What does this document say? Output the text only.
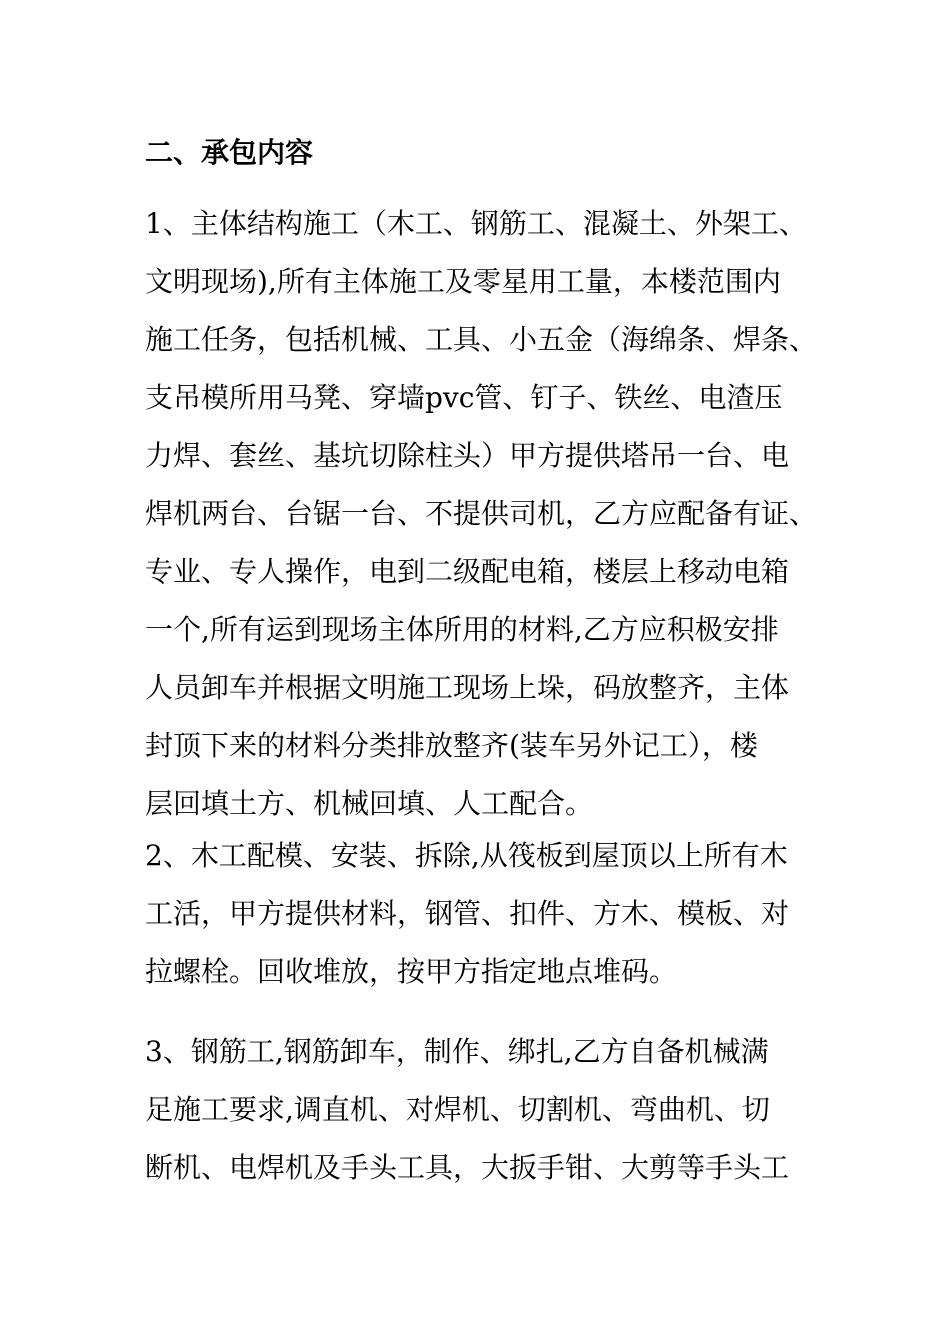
二、承包内容
1、主体结构施工（木工、钢筋工、混凝土、外架工、
文明现场),所有主体施工及零星用工量，本楼范围内
施工任务，包括机械、工具、小五金（海绵条、焊条、
支吊模所用马凳、穿墙pvc管、钉子、铁丝、电渣压
力焊、套丝、基坑切除柱头）甲方提供塔吊一台、电
焊机两台、台锯一台、不提供司机，乙方应配备有证、
专业、专人操作，电到二级配电箱，楼层上移动电箱
一个,所有运到现场主体所用的材料,乙方应积极安排
人员卸车并根据文明施工现场上垛，码放整齐，主体
封顶下来的材料分类排放整齐(装车另外记工），楼
层回填土方、机械回填、人工配合。
2、木工配模、安装、拆除,从筏板到屋顶以上所有木
工活，甲方提供材料，钢管、扣件、方木、模板、对
拉螺栓。回收堆放，按甲方指定地点堆码。
3、钢筋工,钢筋卸车，制作、绑扎,乙方自备机械满
足施工要求,调直机、对焊机、切割机、弯曲机、切
断机、电焊机及手头工具，大扳手钳、大剪等手头工
